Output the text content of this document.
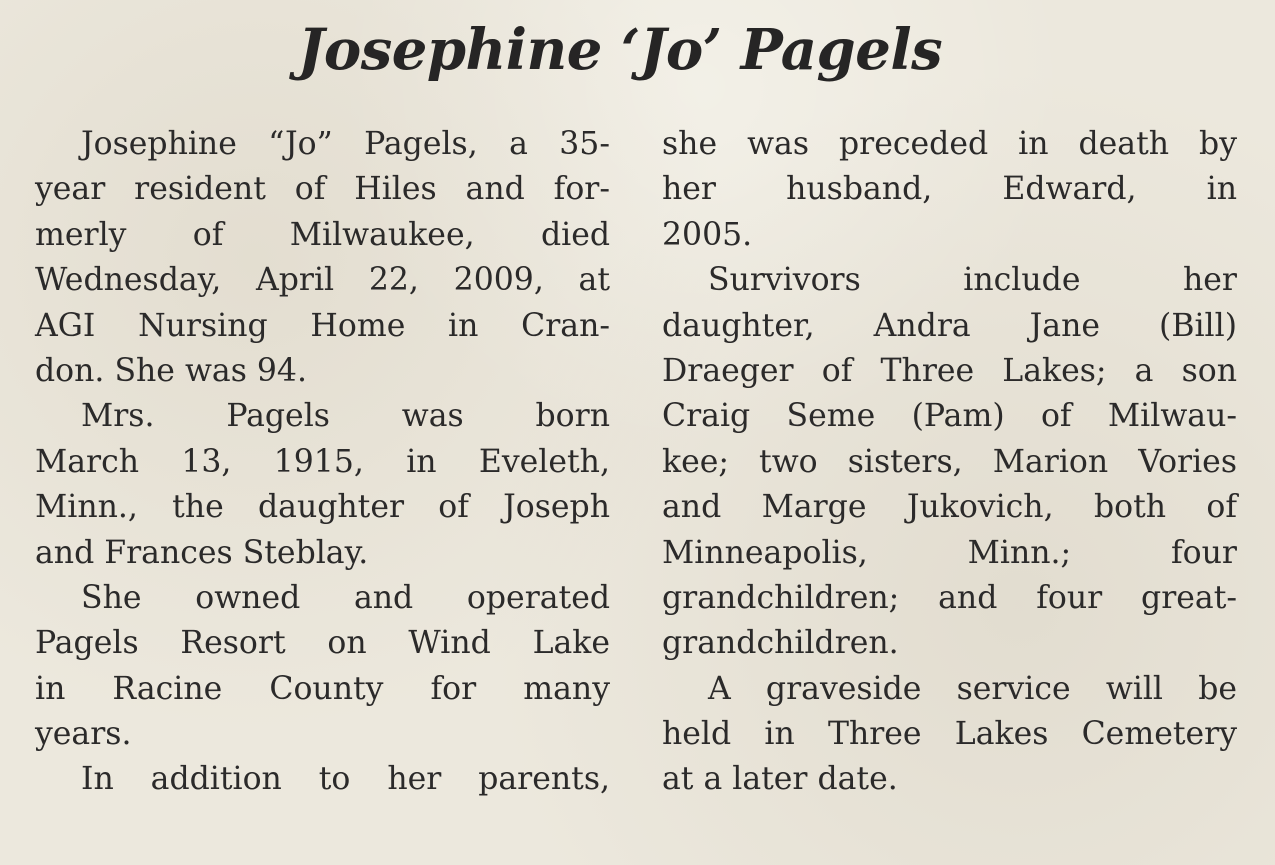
Josephine ‘Jo’ Pagels
Josephine “Jo” Pagels, a 35-
year resident of Hiles and for-
merly of Milwaukee, died
Wednesday, April 22, 2009, at
AGI Nursing Home in Cran-
don. She was 94.
Mrs. Pagels was born
March 13, 1915, in Eveleth,
Minn., the daughter of Joseph
and Frances Steblay.
She owned and operated
Pagels Resort on Wind Lake
in Racine County for many
years.
In addition to her parents,
she was preceded in death by
her husband, Edward, in
2005.
Survivors include her
daughter, Andra Jane (Bill)
Draeger of Three Lakes; a son
Craig Seme (Pam) of Milwau-
kee; two sisters, Marion Vories
and Marge Jukovich, both of
Minneapolis, Minn.; four
grandchildren; and four great-
grandchildren.
A graveside service will be
held in Three Lakes Cemetery
at a later date.
